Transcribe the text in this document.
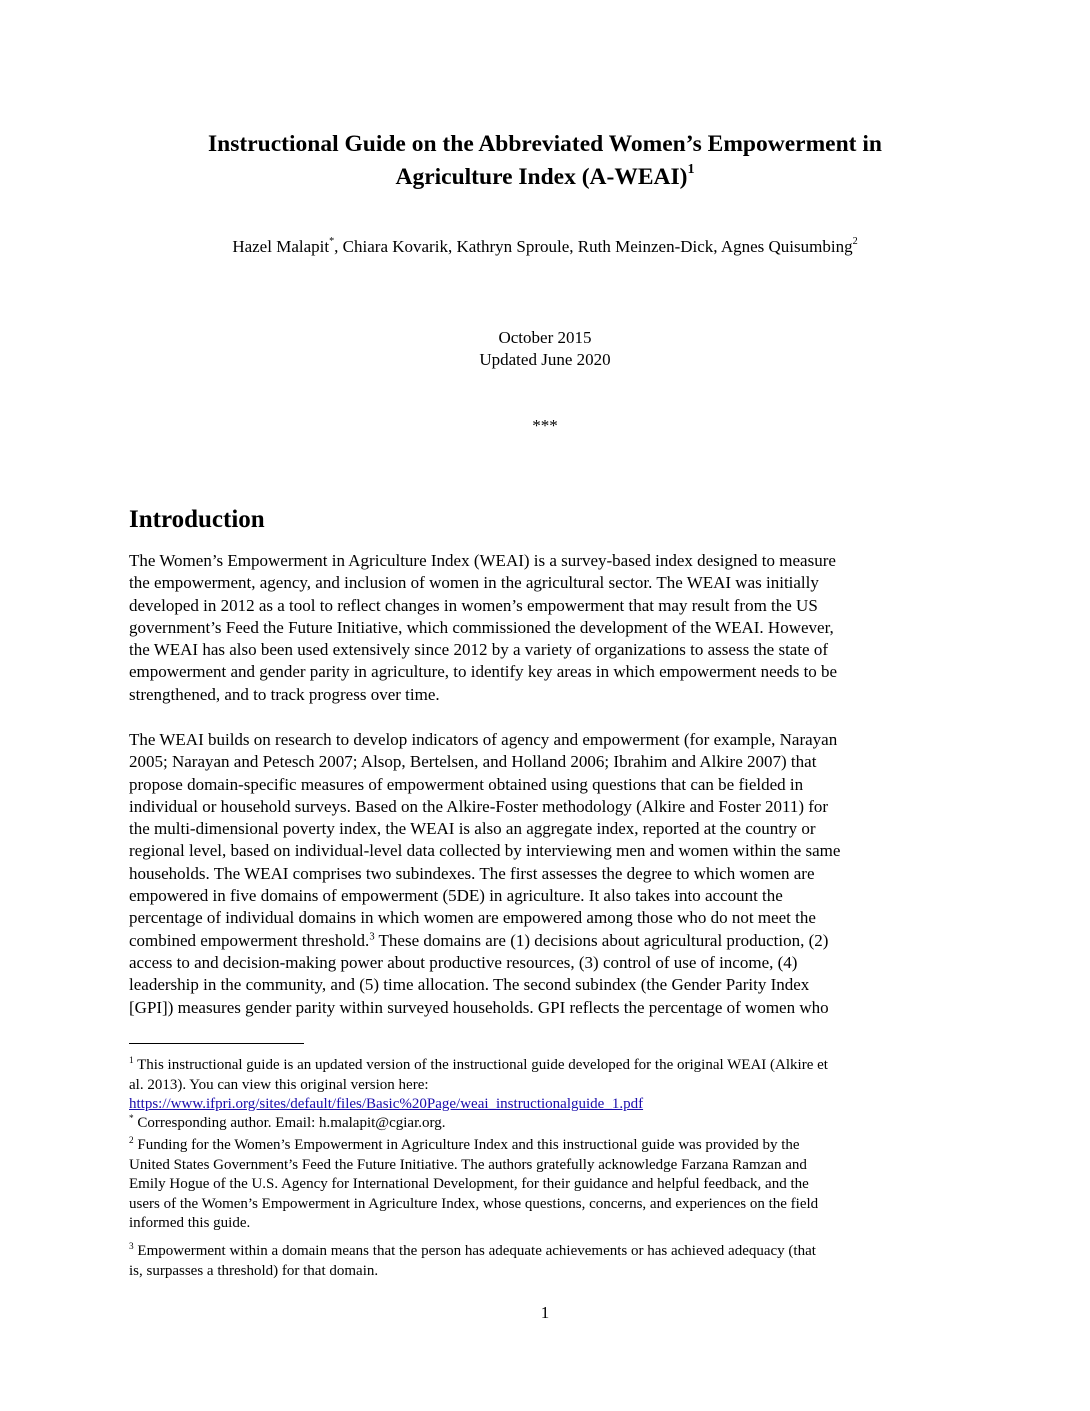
Instructional Guide on the Abbreviated Women’s Empowerment in
Agriculture Index (A-WEAI)$^1$
Hazel Malapit*, Chiara Kovarik, Kathryn Sproule, Ruth Meinzen-Dick, Agnes Quisumbing$^2$
October 2015
Updated June 2020
***
Introduction
The Women’s Empowerment in Agriculture Index (WEAI) is a survey-based index designed to measure
the empowerment, agency, and inclusion of women in the agricultural sector. The WEAI was initially
developed in 2012 as a tool to reflect changes in women’s empowerment that may result from the US
government’s Feed the Future Initiative, which commissioned the development of the WEAI. However,
the WEAI has also been used extensively since 2012 by a variety of organizations to assess the state of
empowerment and gender parity in agriculture, to identify key areas in which empowerment needs to be
strengthened, and to track progress over time.
The WEAI builds on research to develop indicators of agency and empowerment (for example, Narayan
2005; Narayan and Petesch 2007; Alsop, Bertelsen, and Holland 2006; Ibrahim and Alkire 2007) that
propose domain-specific measures of empowerment obtained using questions that can be fielded in
individual or household surveys. Based on the Alkire-Foster methodology (Alkire and Foster 2011) for
the multi-dimensional poverty index, the WEAI is also an aggregate index, reported at the country or
regional level, based on individual-level data collected by interviewing men and women within the same
households. The WEAI comprises two subindexes. The first assesses the degree to which women are
empowered in five domains of empowerment (5DE) in agriculture. It also takes into account the
percentage of individual domains in which women are empowered among those who do not meet the
combined empowerment threshold.$^3$ These domains are (1) decisions about agricultural production, (2)
access to and decision-making power about productive resources, (3) control of use of income, (4)
leadership in the community, and (5) time allocation. The second subindex (the Gender Parity Index
[GPI]) measures gender parity within surveyed households. GPI reflects the percentage of women who
$^1$ This instructional guide is an updated version of the instructional guide developed for the original WEAI (Alkire et
al. 2013). You can view this original version here:
https://www.ifpri.org/sites/default/files/Basic%20Page/weai_instructionalguide_1.pdf
* Corresponding author. Email: h.malapit@cgiar.org.
$^2$ Funding for the Women’s Empowerment in Agriculture Index and this instructional guide was provided by the
United States Government’s Feed the Future Initiative. The authors gratefully acknowledge Farzana Ramzan and
Emily Hogue of the U.S. Agency for International Development, for their guidance and helpful feedback, and the
users of the Women’s Empowerment in Agriculture Index, whose questions, concerns, and experiences on the field
informed this guide.
$^3$ Empowerment within a domain means that the person has adequate achievements or has achieved adequacy (that
is, surpasses a threshold) for that domain.
1
